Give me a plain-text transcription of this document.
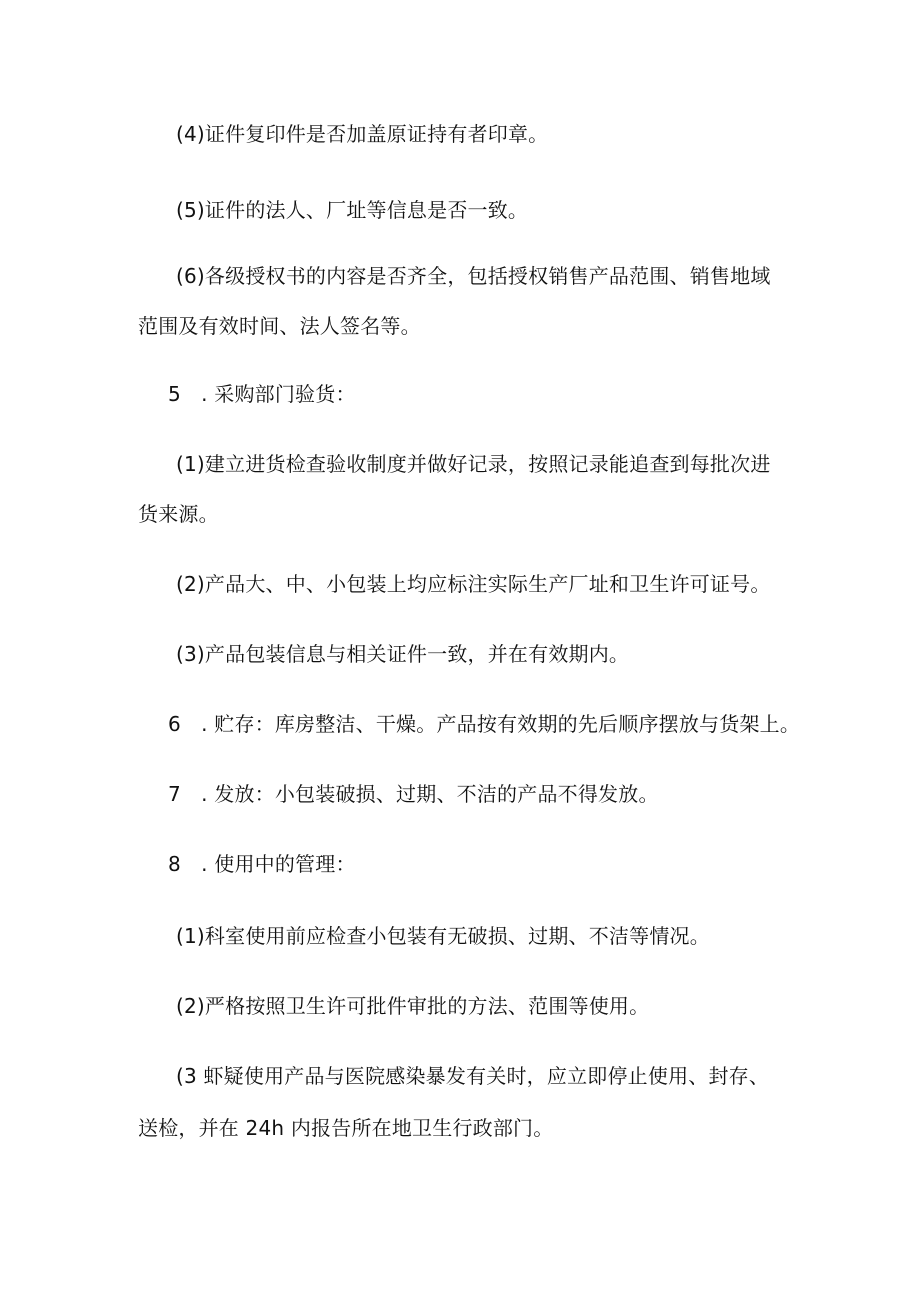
(4)证件复印件是否加盖原证持有者印章。
(5)证件的法人、厂址等信息是否一致。
(6)各级授权书的内容是否齐全，包括授权销售产品范围、销售地域
范围及有效时间、法人签名等。
5　. 采购部门验货：
(1)建立进货检查验收制度并做好记录，按照记录能追查到每批次进
货来源。
(2)产品大、中、小包装上均应标注实际生产厂址和卫生许可证号。
(3)产品包装信息与相关证件一致，并在有效期内。
6　. 贮存：库房整洁、干燥。产品按有效期的先后顺序摆放与货架上。
7　. 发放：小包装破损、过期、不洁的产品不得发放。
8　. 使用中的管理：
(1)科室使用前应检查小包装有无破损、过期、不洁等情况。
(2)严格按照卫生许可批件审批的方法、范围等使用。
(3 虾疑使用产品与医院感染暴发有关时，应立即停止使用、封存、
送检，并在 24h 内报告所在地卫生行政部门。
